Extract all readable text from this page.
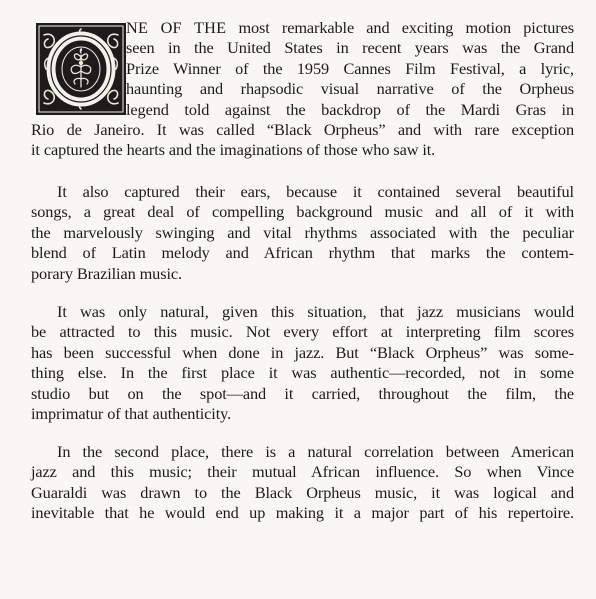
NE OF THE most remarkable and exciting motion pictures
seen in the United States in recent years was the Grand
Prize Winner of the 1959 Cannes Film Festival, a lyric,
haunting and rhapsodic visual narrative of the Orpheus
legend told against the backdrop of the Mardi Gras in
Rio de Janeiro. It was called “Black Orpheus” and with rare exception
it captured the hearts and the imaginations of those who saw it.
It also captured their ears, because it contained several beautiful
songs, a great deal of compelling background music and all of it with
the marvelously swinging and vital rhythms associated with the peculiar
blend of Latin melody and African rhythm that marks the contem-
porary Brazilian music.
It was only natural, given this situation, that jazz musicians would
be attracted to this music. Not every effort at interpreting film scores
has been successful when done in jazz. But “Black Orpheus” was some-
thing else. In the first place it was authentic—recorded, not in some
studio but on the spot—and it carried, throughout the film, the
imprimatur of that authenticity.
In the second place, there is a natural correlation between American
jazz and this music; their mutual African influence. So when Vince
Guaraldi was drawn to the Black Orpheus music, it was logical and
inevitable that he would end up making it a major part of his repertoire.
